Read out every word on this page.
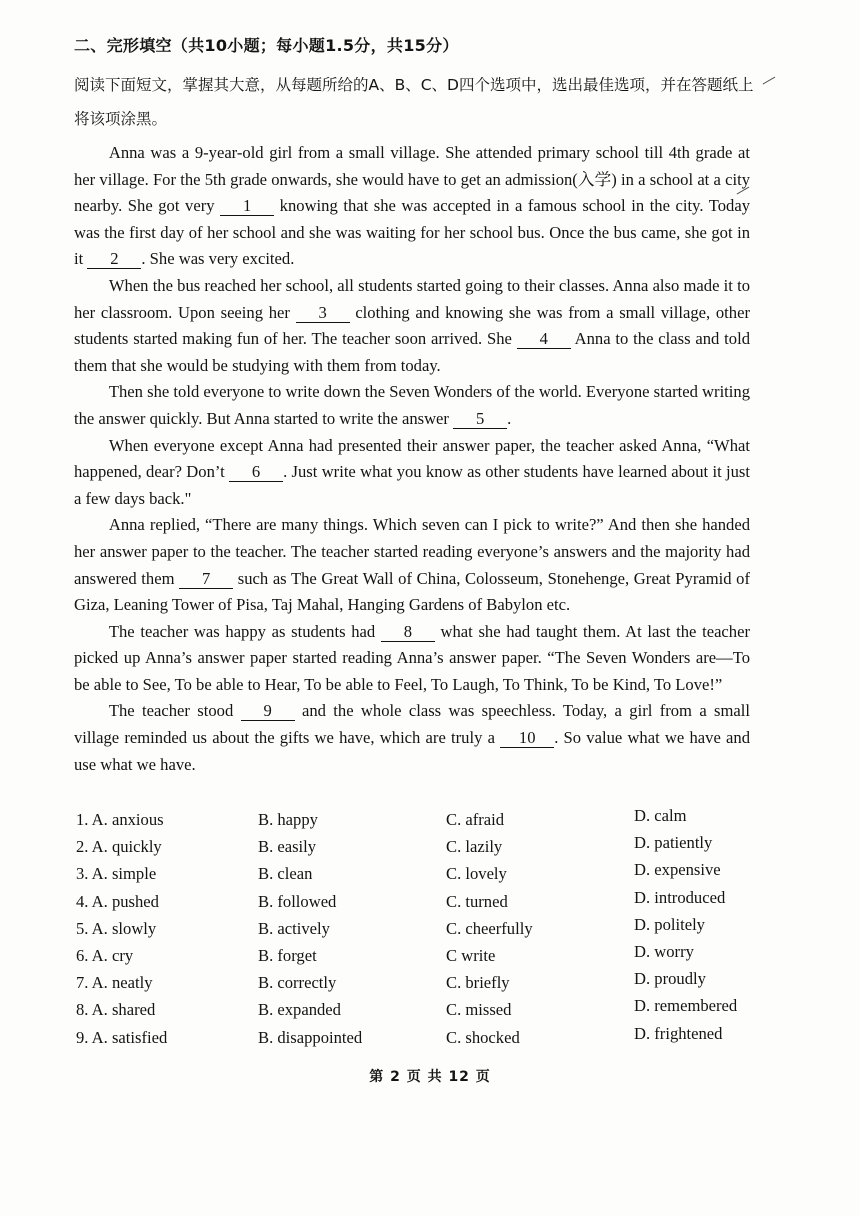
二、完形填空（共10小题；每小题1.5分，共15分）
阅读下面短文，掌握其大意，从每题所给的A、B、C、D四个选项中，选出最佳选项，并在答题纸上将该项涂黑。

Anna was a 9-year-old girl from a small village. She attended primary school till 4th grade at her village. For the 5th grade onwards, she would have to get an admission(入学) in a school at a city nearby. She got very 1 knowing that she was accepted in a famous school in the city. Today was the first day of her school and she was waiting for her school bus. Once the bus came, she got in it 2 . She was very excited.

When the bus reached her school, all students started going to their classes. Anna also made it to her classroom. Upon seeing her 3 clothing and knowing she was from a small village, other students started making fun of her. The teacher soon arrived. She 4 Anna to the class and told them that she would be studying with them from today.

Then she told everyone to write down the Seven Wonders of the world. Everyone started writing the answer quickly. But Anna started to write the answer 5 .

When everyone except Anna had presented their answer paper, the teacher asked Anna, “What happened, dear? Don’t 6 . Just write what you know as other students have learned about it just a few days back."

Anna replied, “There are many things. Which seven can I pick to write?” And then she handed her answer paper to the teacher. The teacher started reading everyone’s answers and the majority had answered them 7 such as The Great Wall of China, Colosseum, Stonehenge, Great Pyramid of Giza, Leaning Tower of Pisa, Taj Mahal, Hanging Gardens of Babylon etc.

The teacher was happy as students had 8 what she had taught them. At last the teacher picked up Anna’s answer paper started reading Anna’s answer paper. “The Seven Wonders are—To be able to See, To be able to Hear, To be able to Feel, To Laugh, To Think, To be Kind, To Love!”

The teacher stood 9 and the whole class was speechless. Today, a girl from a small village reminded us about the gifts we have, which are truly a 10 . So value what we have and use what we have.

1. A. anxious	B. happy	C. afraid	D. calm
2. A. quickly	B. easily	C. lazily	D. patiently
3. A. simple	B. clean	C. lovely	D. expensive
4. A. pushed	B. followed	C. turned	D. introduced
5. A. slowly	B. actively	C. cheerfully	D. politely
6. A. cry	B. forget	C write	D. worry
7. A. neatly	B. correctly	C. briefly	D. proudly
8. A. shared	B. expanded	C. missed	D. remembered
9. A. satisfied	B. disappointed	C. shocked	D. frightened
第 2 页 共 12 页
